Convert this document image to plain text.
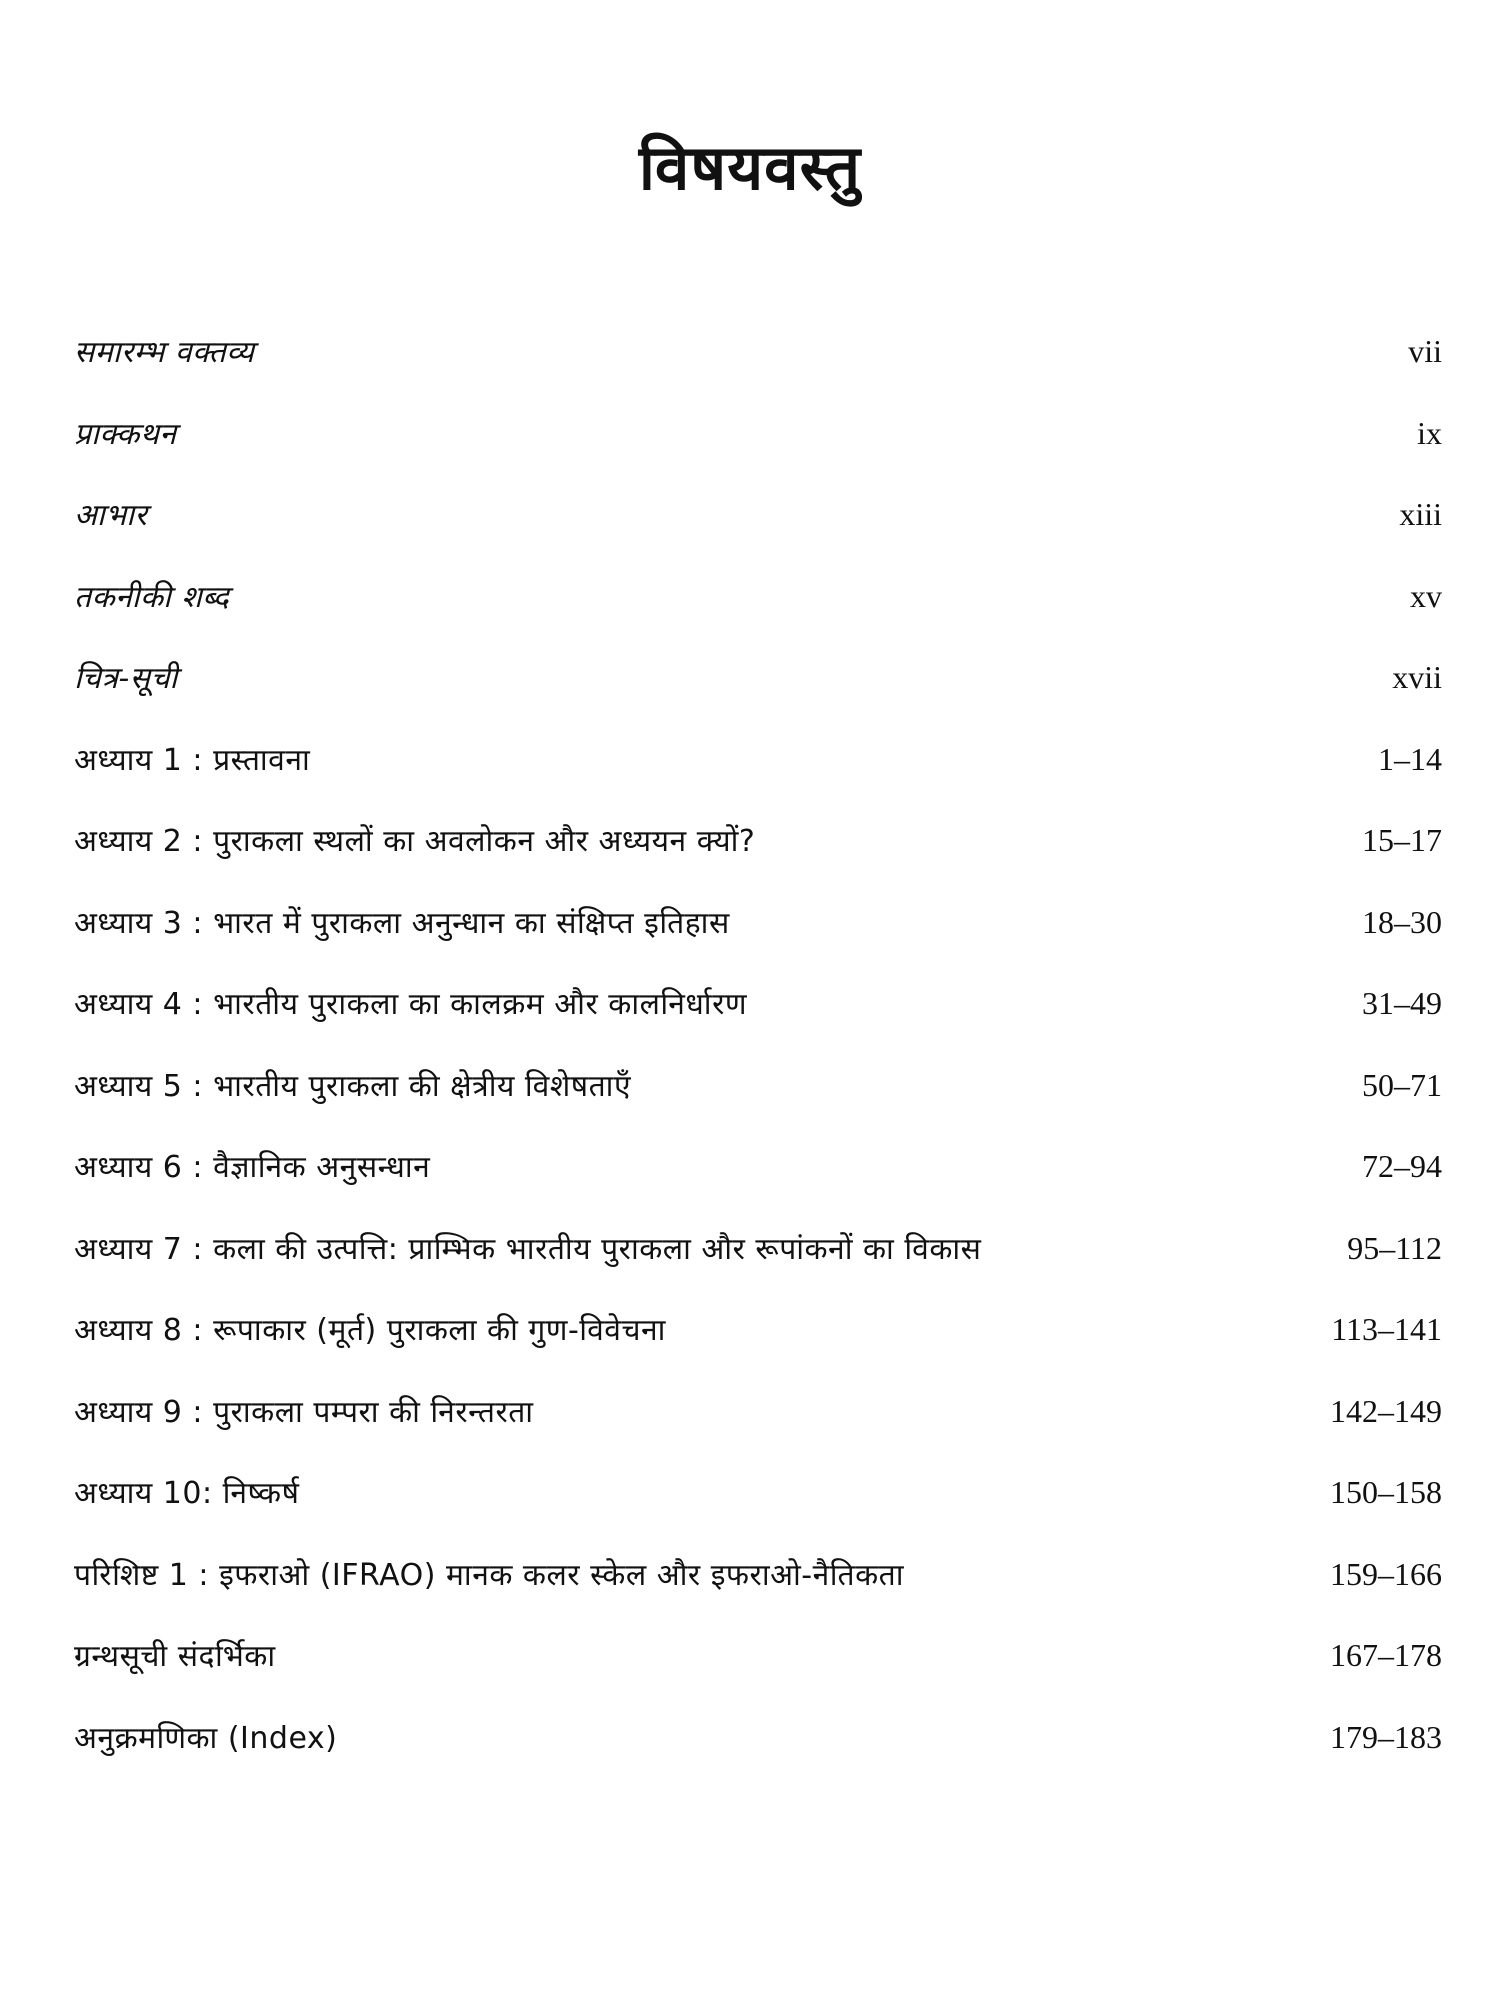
विषयवस्तु
समारम्भ वक्तव्य	vii
प्राक्कथन	ix
आभार	xiii
तकनीकी शब्द	xv
चित्र-सूची	xvii
अध्याय 1 : प्रस्तावना	1–14
अध्याय 2 : पुराकला स्थलों का अवलोकन और अध्ययन क्यों?	15–17
अध्याय 3 : भारत में पुराकला अनुन्धान का संक्षिप्त इतिहास	18–30
अध्याय 4 : भारतीय पुराकला का कालक्रम और कालनिर्धारण	31–49
अध्याय 5 : भारतीय पुराकला की क्षेत्रीय विशेषताएँ	50–71
अध्याय 6 : वैज्ञानिक अनुसन्धान	72–94
अध्याय 7 : कला की उत्पत्ति: प्राम्भिक भारतीय पुराकला और रूपांकनों का विकास	95–112
अध्याय 8 : रूपाकार (मूर्त) पुराकला की गुण-विवेचना	113–141
अध्याय 9 : पुराकला पम्परा की निरन्तरता	142–149
अध्याय 10: निष्कर्ष	150–158
परिशिष्ट 1 : इफराओ (IFRAO) मानक कलर स्केल और इफराओ-नैतिकता	159–166
ग्रन्थसूची संदर्भिका	167–178
अनुक्रमणिका (Index)	179–183
